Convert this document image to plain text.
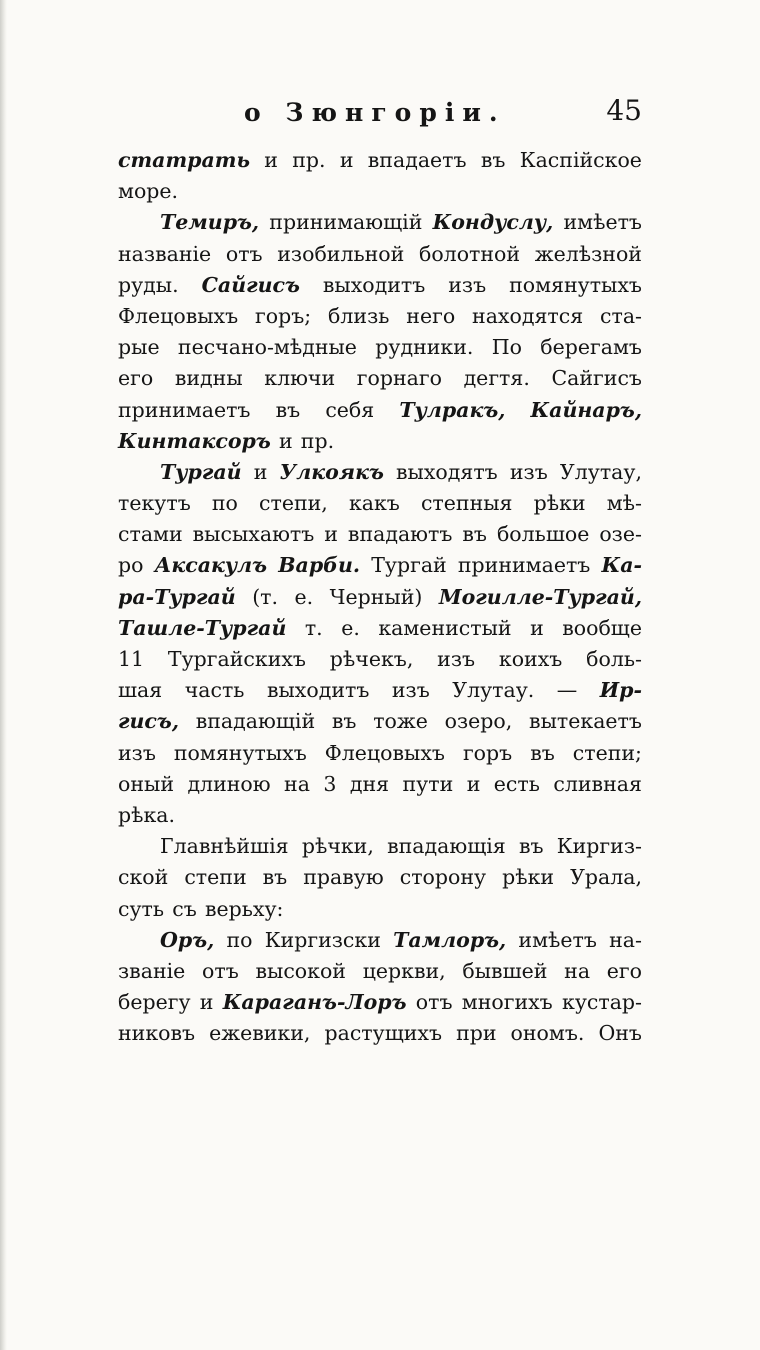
о Зюнгоріи.	45
статрать и пр. и впадаетъ въ Каспійское
море.
Темиръ, принимающій Кондуслу, имѣетъ
названіе отъ изобильной болотной желѣзной
руды. Сайгисъ выходитъ изъ помянутыхъ
Флецовыхъ горъ; близь него находятся ста-
рые песчано-мѣдные рудники. По берегамъ
его видны ключи горнаго дегтя. Сайгисъ
принимаетъ въ себя Тулракъ, Кайнаръ,
Кинтаксоръ и пр.
Тургай и Улкоякъ выходятъ изъ Улутау,
текутъ по степи, какъ степныя рѣки мѣ-
стами высыхаютъ и впадаютъ въ большое озе-
ро Аксакулъ Варби. Тургай принимаетъ Ка-
ра-Тургай (т. е. Черный) Могилле-Тургай,
Ташле-Тургай т. е. каменистый и вообще
11 Тургайскихъ рѣчекъ, изъ коихъ боль-
шая часть выходитъ изъ Улутау. — Ир-
гисъ, впадающій въ тоже озеро, вытекаетъ
изъ помянутыхъ Флецовыхъ горъ въ степи;
оный длиною на 3 дня пути и есть сливная
рѣка.
Главнѣйшія рѣчки, впадающія въ Киргиз-
ской степи въ правую сторону рѣки Урала,
суть съ верьху:
Оръ, по Киргизски Тамлоръ, имѣетъ на-
званіе отъ высокой церкви, бывшей на его
берегу и Караганъ-Лоръ отъ многихъ кустар-
никовъ ежевики, растущихъ при ономъ. Онъ
